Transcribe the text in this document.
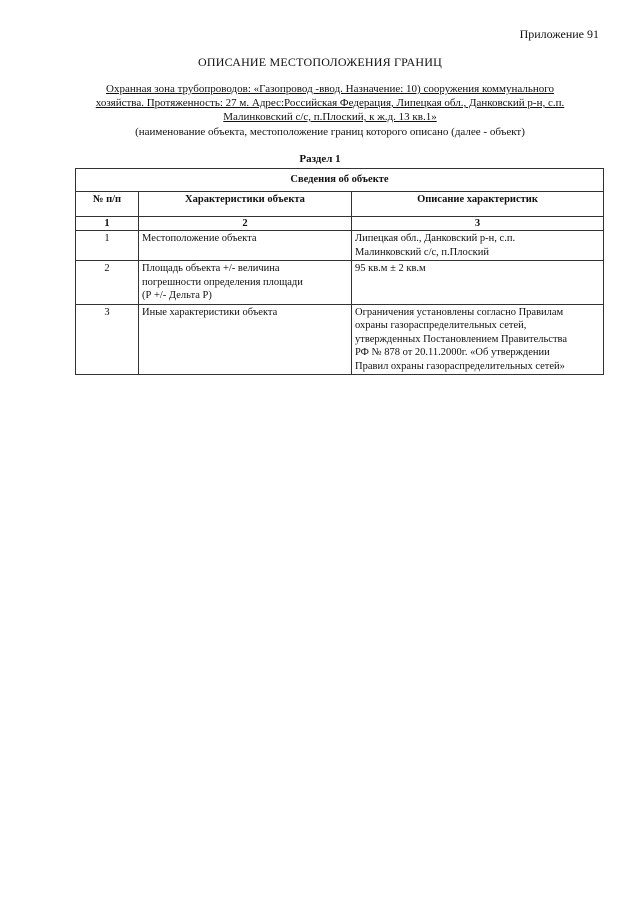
Приложение 91
ОПИСАНИЕ МЕСТОПОЛОЖЕНИЯ ГРАНИЦ
Охранная зона трубопроводов: «Газопровод -ввод. Назначение: 10) сооружения коммунального
хозяйства. Протяженность: 27 м. Адрес:Российская Федерация, Липецкая обл., Данковский р-н, с.п.
Малинковский с/с, п.Плоский, к ж.д. 13 кв.1»
(наименование объекта, местоположение границ которого описано (далее - объект)
Раздел 1
Сведения об объекте		
№ п/п	Характеристики объекта	Описание характеристик
1	2	3
1	Местоположение объекта	Липецкая обл., Данковский р-н, с.п.
Малинковский с/с, п.Плоский

2	Площадь объекта +/- величина
погрешности определения площади
(Р +/- Дельта Р)	95 кв.м ± 2 кв.м

3	Иные характеристики объекта	Ограничения установлены согласно Правилам
охраны газораспределительных сетей,
утвержденных Постановлением Правительства
РФ № 878 от 20.11.2000г. «Об утверждении
Правил охраны газораспределительных сетей»
